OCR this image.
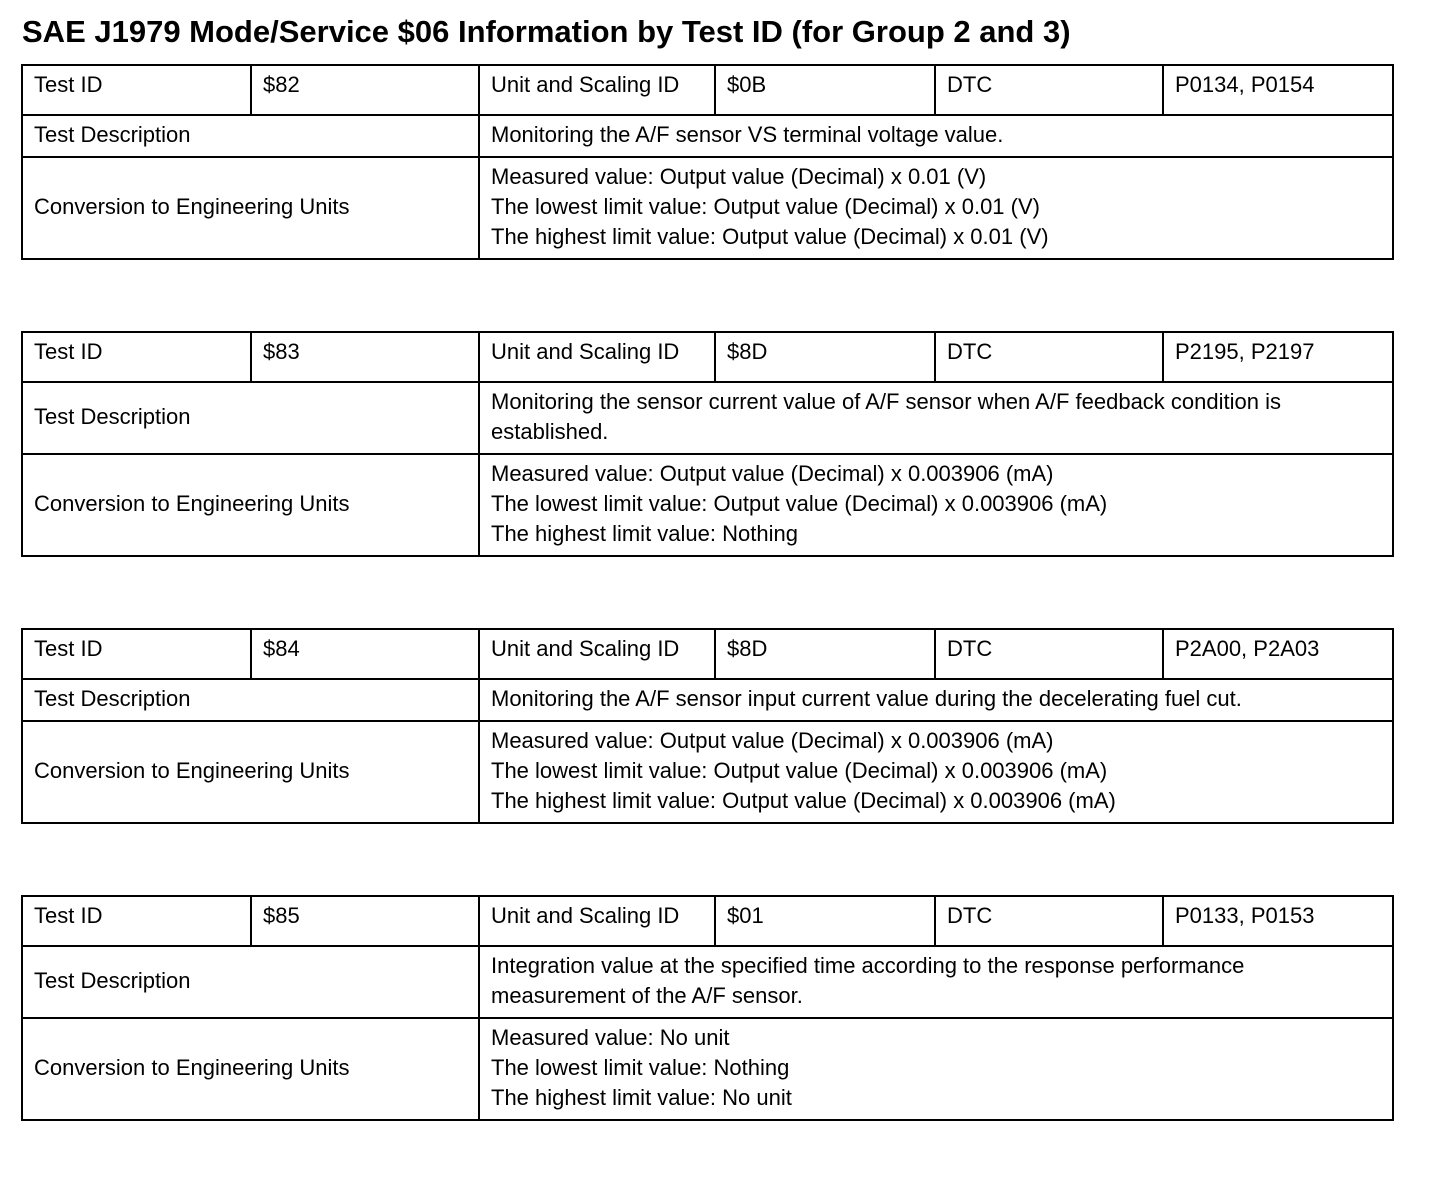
SAE J1979 Mode/Service $06 Information by Test ID (for Group 2 and 3)
Test ID	$82	Unit and Scaling ID	$0B	DTC	P0134, P0154
Test Description		Monitoring the A/F sensor VS terminal voltage value.			
Conversion to Engineering Units		Measured value: Output value (Decimal) x 0.01 (V)
The lowest limit value: Output value (Decimal) x 0.01 (V)
The highest limit value: Output value (Decimal) x 0.01 (V)			
Test ID	$83	Unit and Scaling ID	$8D	DTC	P2195, P2197
Test Description		Monitoring the sensor current value of A/F sensor when A/F feedback condition is established.			
Conversion to Engineering Units		Measured value: Output value (Decimal) x 0.003906 (mA)
The lowest limit value: Output value (Decimal) x 0.003906 (mA)
The highest limit value: Nothing			
Test ID	$84	Unit and Scaling ID	$8D	DTC	P2A00, P2A03
Test Description		Monitoring the A/F sensor input current value during the decelerating fuel cut.			
Conversion to Engineering Units		Measured value: Output value (Decimal) x 0.003906 (mA)
The lowest limit value: Output value (Decimal) x 0.003906 (mA)
The highest limit value: Output value (Decimal) x 0.003906 (mA)			
Test ID	$85	Unit and Scaling ID	$01	DTC	P0133, P0153
Test Description		Integration value at the specified time according to the response performance measurement of the A/F sensor.			
Conversion to Engineering Units		Measured value: No unit
The lowest limit value: Nothing
The highest limit value: No unit			
